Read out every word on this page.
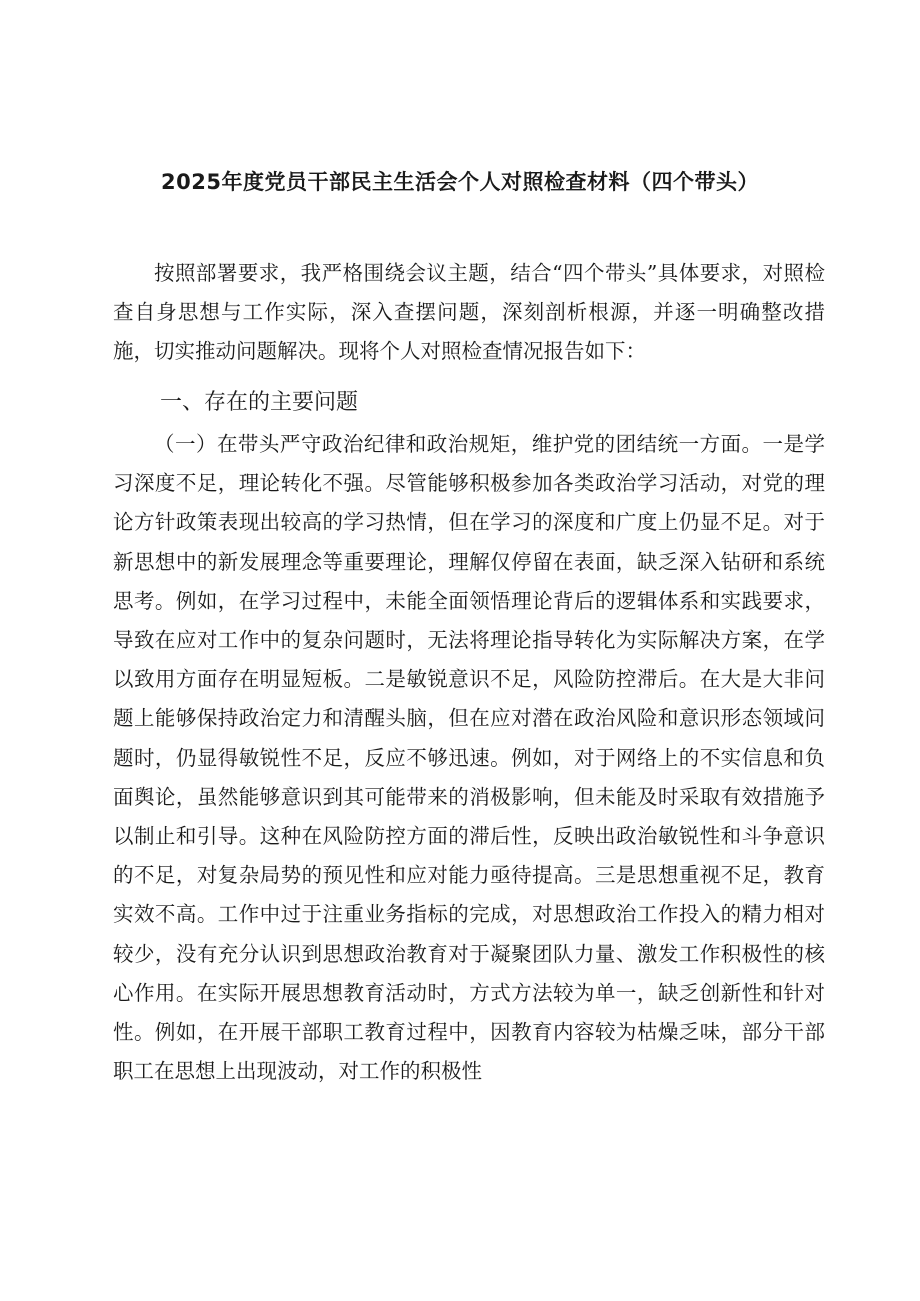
2025年度党员干部民主生活会个人对照检查材料（四个带头）

按照部署要求，我严格围绕会议主题，结合“四个带头”具体要求，对照检查自身思想与工作实际，深入查摆问题，深刻剖析根源，并逐一明确整改措施，切实推动问题解决。现将个人对照检查情况报告如下：

一、存在的主要问题

（一）在带头严守政治纪律和政治规矩，维护党的团结统一方面。一是学习深度不足，理论转化不强。尽管能够积极参加各类政治学习活动，对党的理论方针政策表现出较高的学习热情，但在学习的深度和广度上仍显不足。对于新思想中的新发展理念等重要理论，理解仅停留在表面，缺乏深入钻研和系统思考。例如，在学习过程中，未能全面领悟理论背后的逻辑体系和实践要求，导致在应对工作中的复杂问题时，无法将理论指导转化为实际解决方案，在学以致用方面存在明显短板。二是敏锐意识不足，风险防控滞后。在大是大非问题上能够保持政治定力和清醒头脑，但在应对潜在政治风险和意识形态领域问题时，仍显得敏锐性不足，反应不够迅速。例如，对于网络上的不实信息和负面舆论，虽然能够意识到其可能带来的消极影响，但未能及时采取有效措施予以制止和引导。这种在风险防控方面的滞后性，反映出政治敏锐性和斗争意识的不足，对复杂局势的预见性和应对能力亟待提高。三是思想重视不足，教育实效不高。工作中过于注重业务指标的完成，对思想政治工作投入的精力相对较少，没有充分认识到思想政治教育对于凝聚团队力量、激发工作积极性的核心作用。在实际开展思想教育活动时，方式方法较为单一，缺乏创新性和针对性。例如，在开展干部职工教育过程中，因教育内容较为枯燥乏味，部分干部职工在思想上出现波动，对工作的积极性
